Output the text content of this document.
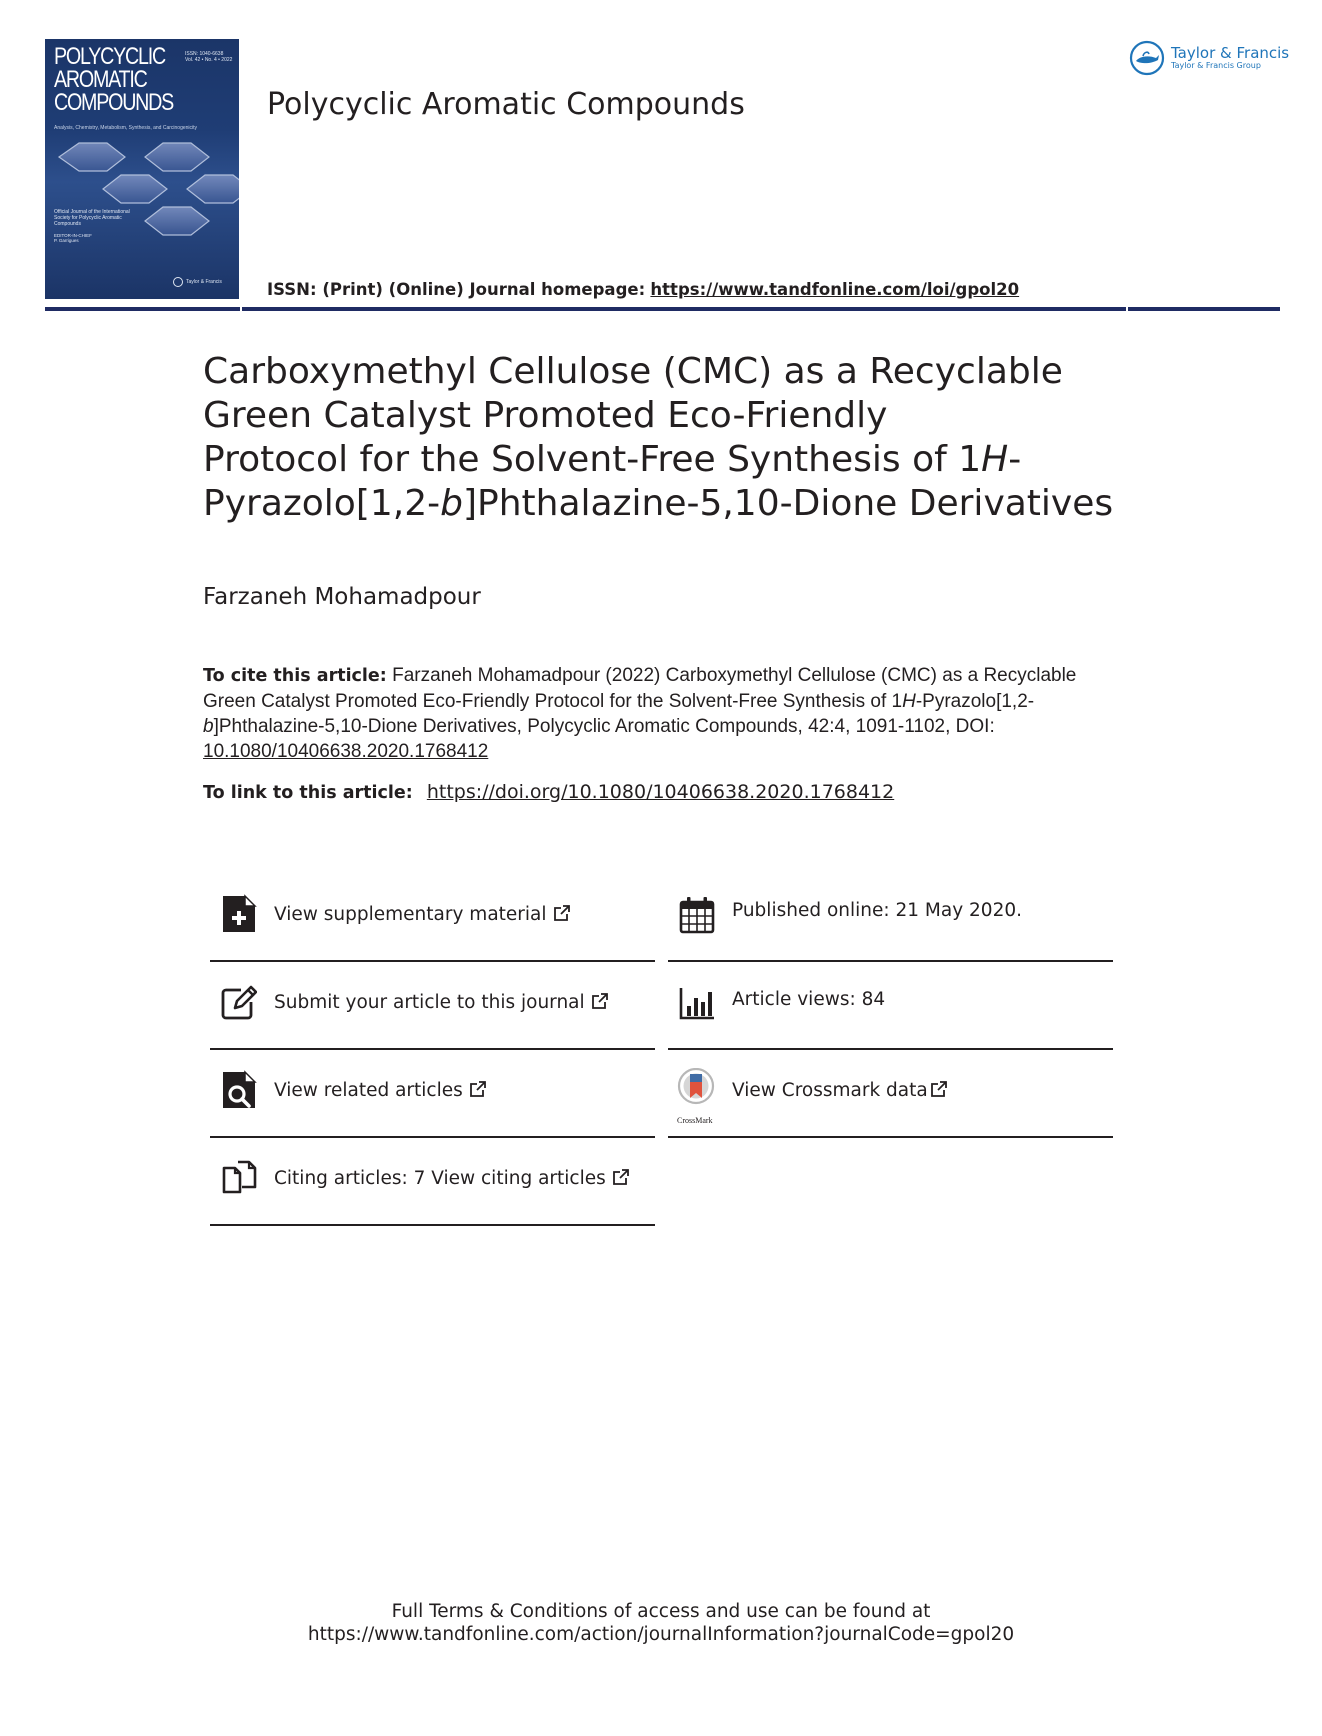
POLYCYCLIC
AROMATIC
COMPOUNDS
ISSN: 1040-6638
Vol. 42 • No. 4 • 2022
Analysis, Chemistry, Metabolism, Synthesis, and Carcinogenicity
Official Journal of the International
Society for Polycyclic Aromatic
Compounds
EDITOR-IN-CHIEF
P. Garrigues
Taylor & Francis
Polycyclic Aromatic Compounds
ISSN: (Print) (Online) Journal homepage: https://www.tandfonline.com/loi/gpol20
Taylor & Francis
Taylor & Francis Group
Carboxymethyl Cellulose (CMC) as a Recyclable
Green Catalyst Promoted Eco-Friendly
Protocol for the Solvent-Free Synthesis of 1H-
Pyrazolo[1,2-b]Phthalazine-5,10-Dione Derivatives
Farzaneh Mohamadpour
To cite this article: Farzaneh Mohamadpour (2022) Carboxymethyl Cellulose (CMC) as a Recyclable Green Catalyst Promoted Eco-Friendly Protocol for the Solvent-Free Synthesis of 1H-Pyrazolo[1,2-b]Phthalazine-5,10-Dione Derivatives, Polycyclic Aromatic Compounds, 42:4, 1091-1102, DOI: 10.1080/10406638.2020.1768412
To link to this article: https://doi.org/10.1080/10406638.2020.1768412
View supplementary material
Submit your article to this journal
View related articles
Citing articles: 7 View citing articles
Published online: 21 May 2020.
Article views: 84
CrossMark
View Crossmark data
Full Terms & Conditions of access and use can be found at
https://www.tandfonline.com/action/journalInformation?journalCode=gpol20
